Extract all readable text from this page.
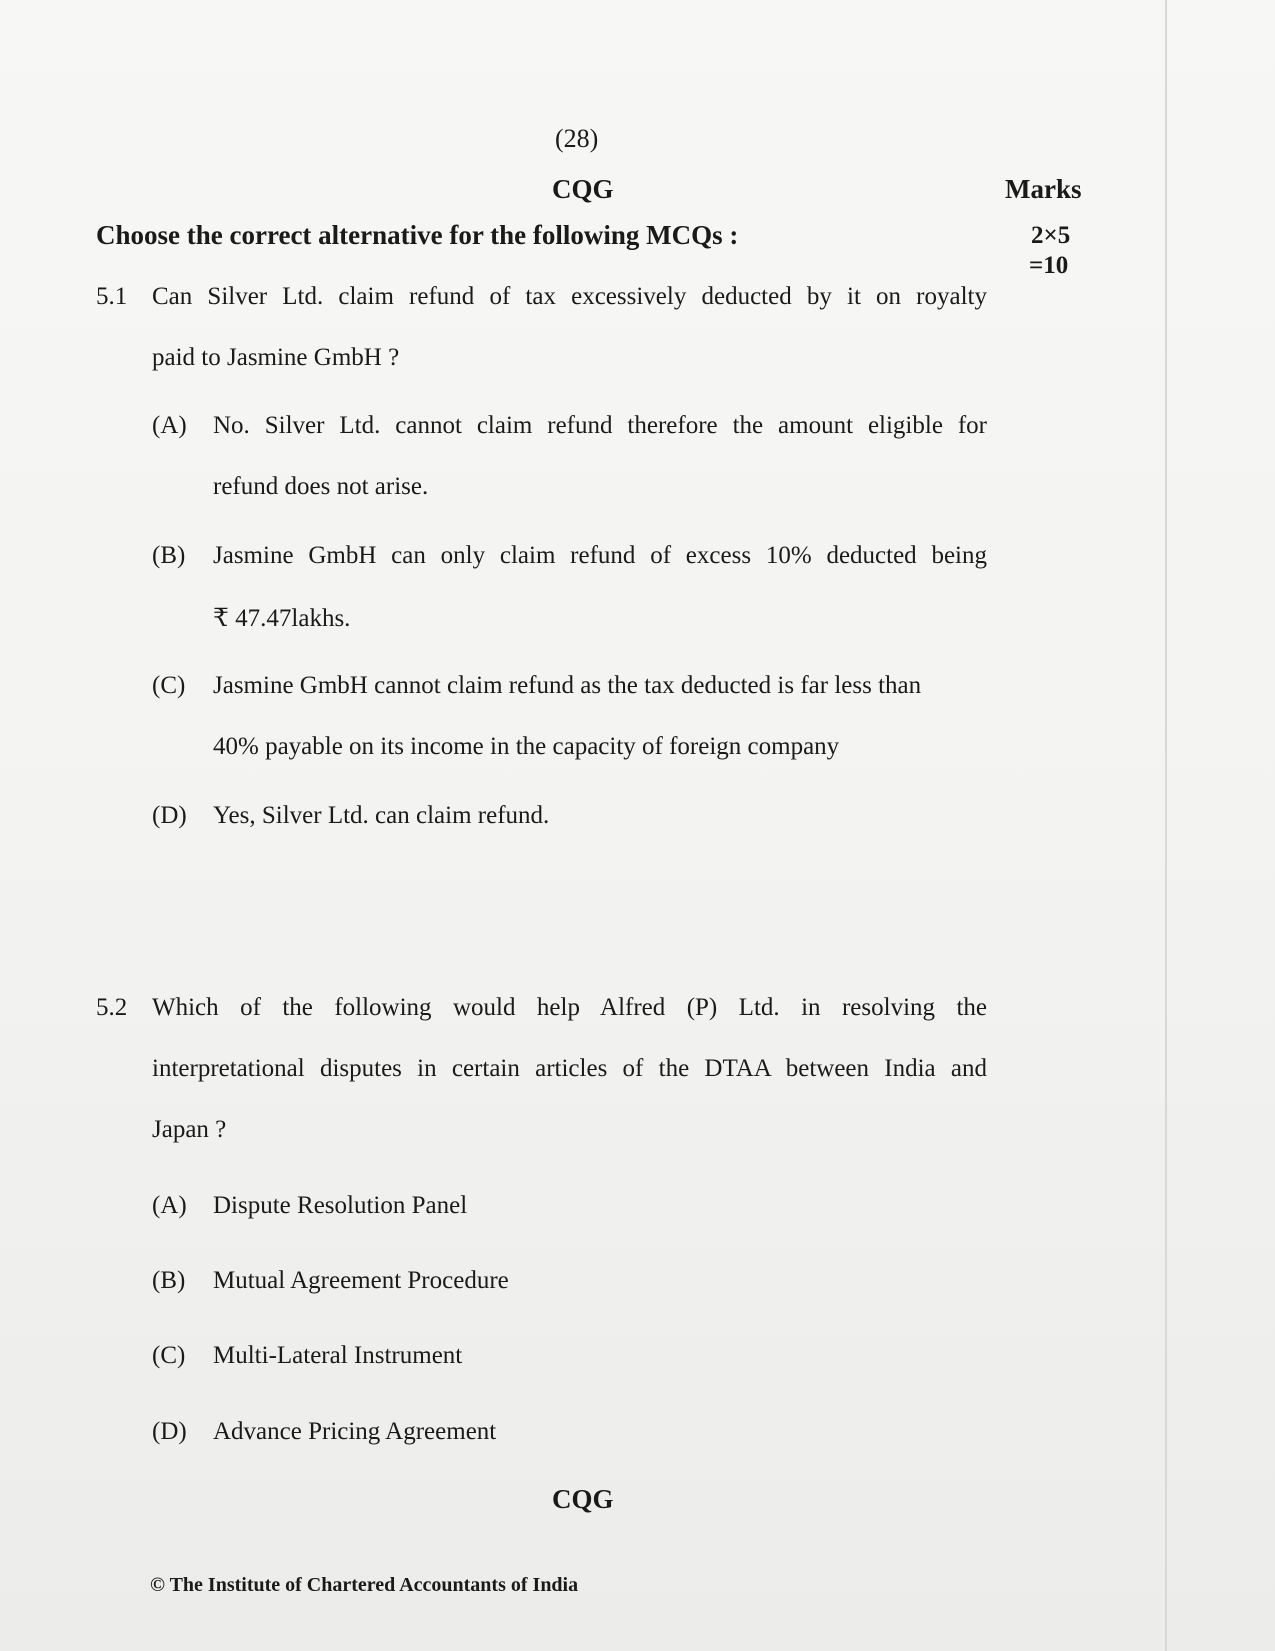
(28)
CQG	Marks
Choose the correct alternative for the following MCQs :	2×5
=10
5.1 Can Silver Ltd. claim refund of tax excessively deducted by it on royalty
paid to Jasmine GmbH ?
(A) No. Silver Ltd. cannot claim refund therefore the amount eligible for
refund does not arise.
(B) Jasmine GmbH can only claim refund of excess 10% deducted being
₹ 47.47lakhs.
(C) Jasmine GmbH cannot claim refund as the tax deducted is far less than
40% payable on its income in the capacity of foreign company
(D) Yes, Silver Ltd. can claim refund.
5.2 Which of the following would help Alfred (P) Ltd. in resolving the
interpretational disputes in certain articles of the DTAA between India and
Japan ?
(A) Dispute Resolution Panel
(B) Mutual Agreement Procedure
(C) Multi-Lateral Instrument
(D) Advance Pricing Agreement
CQG
© The Institute of Chartered Accountants of India
